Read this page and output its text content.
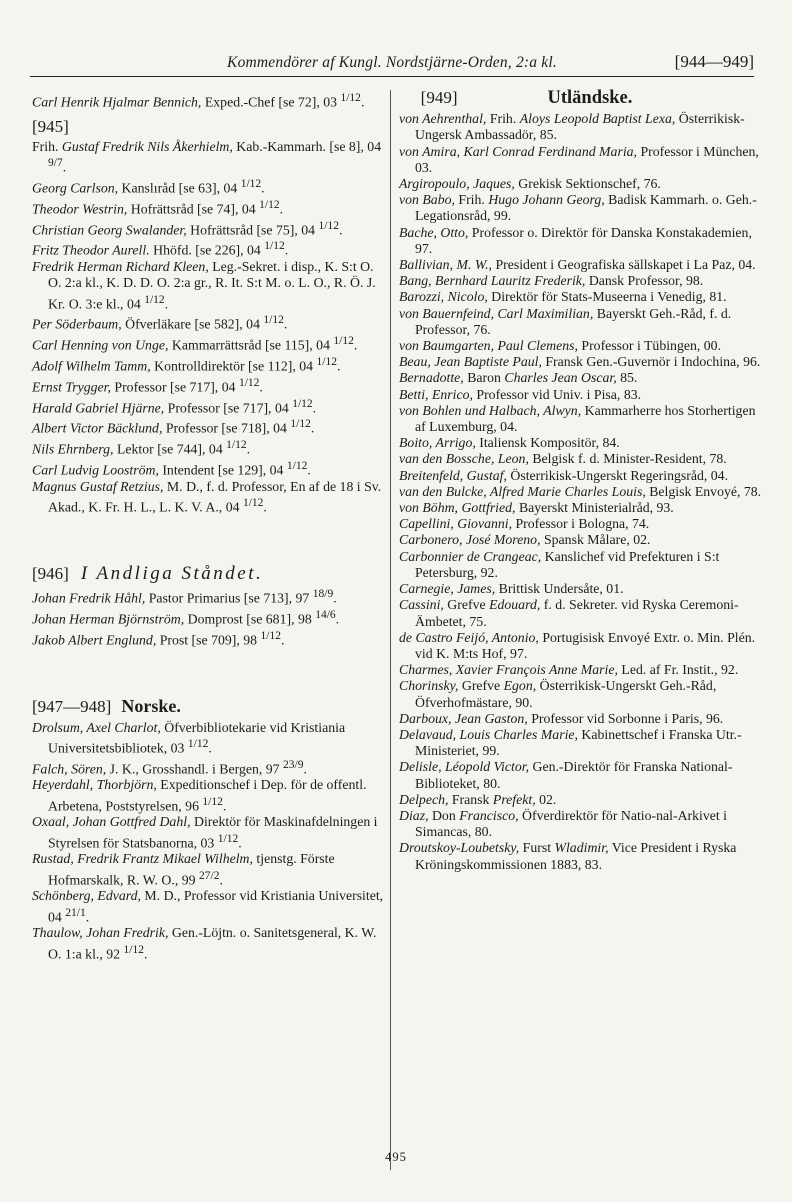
Kommendörer af Kungl. Nordstjärne-Orden, 2:a kl.	[944—949]

Carl Henrik Hjalmar Bennich, Exped.-Chef [se 72], 03 $^{1/12}$.

[945]

Frih. Gustaf Fredrik Nils Åkerhielm, Kab.-Kammarh. [se 8], 04 $^{9/7}$.

Georg Carlson, Kanslıråd [se 63], 04 $^{1/12}$.

Theodor Westrin, Hofrättsråd [se 74], 04 $^{1/12}$.

Christian Georg Swalander, Hofrättsråd [se 75], 04 $^{1/12}$.

Fritz Theodor Aurell. Hhöfd. [se 226], 04 $^{1/12}$.

Fredrik Herman Richard Kleen, Leg.-Sekret. i disp., K. S:t O. O. 2:a kl., K. D. D. O. 2:a gr., R. It. S:t M. o. L. O., R. Ö. J. Kr. O. 3:e kl., 04 $^{1/12}$.

Per Söderbaum, Öfverläkare [se 582], 04 $^{1/12}$.

Carl Henning von Unge, Kammarrättsråd [se 115], 04 $^{1/12}$.

Adolf Wilhelm Tamm, Kontrolldirektör [se 112], 04 $^{1/12}$.

Ernst Trygger, Professor [se 717], 04 $^{1/12}$.

Harald Gabriel Hjärne, Professor [se 717], 04 $^{1/12}$.

Albert Victor Bäcklund, Professor [se 718], 04 $^{1/12}$.

Nils Ehrnberg, Lektor [se 744], 04 $^{1/12}$.

Carl Ludvig Looström, Intendent [se 129], 04 $^{1/12}$.

Magnus Gustaf Retzius, M. D., f. d. Professor, En af de 18 i Sv. Akad., K. Fr. H. L., L. K. V. A., 04 $^{1/12}$.

[946] I Andliga Ståndet.

Johan Fredrik Håhl, Pastor Primarius [se 713], 97 $^{18/9}$.

Johan Herman Björnström, Domprost [se 681], 98 $^{14/6}$.

Jakob Albert Englund, Prost [se 709], 98 $^{1/12}$.

[947—948] Norske.

Drolsum, Axel Charlot, Öfverbibliotekarie vid Kristiania Universitetsbibliotek, 03 $^{1/12}$.

Falch, Sören, J. K., Grosshandl. i Bergen, 97 $^{23/9}$.

Heyerdahl, Thorbjörn, Expeditionschef i Dep. för de offentl. Arbetena, Poststyrelsen, 96 $^{1/12}$.

Oxaal, Johan Gottfred Dahl, Direktör för Maskinafdelningen i Styrelsen för Statsbanorna, 03 $^{1/12}$.

Rustad, Fredrik Frantz Mikael Wilhelm, tjenstg. Förste Hofmarskalk, R. W. O., 99 $^{27/2}$.

Schönberg, Edvard, M. D., Professor vid Kristiania Universitet, 04 $^{21/1}$.

Thaulow, Johan Fredrik, Gen.-Löjtn. o. Sanitetsgeneral, K. W. O. 1:a kl., 92 $^{1/12}$.

[949]	Utländske.

von Aehrenthal, Frih. Aloys Leopold Baptist Lexa, Österrikisk-Ungersk Ambassadör, 85.

von Amira, Karl Conrad Ferdinand Maria, Professor i München, 03.

Argiropoulo, Jaques, Grekisk Sektionschef, 76.

von Babo, Frih. Hugo Johann Georg, Badisk Kammarh. o. Geh.-Legationsråd, 99.

Bache, Otto, Professor o. Direktör för Danska Konstakademien, 97.

Ballivian, M. W., President i Geografiska sällskapet i La Paz, 04.

Bang, Bernhard Lauritz Frederik, Dansk Professor, 98.

Barozzi, Nicolo, Direktör för Stats-Museerna i Venedig, 81.

von Bauernfeind, Carl Maximilian, Bayerskt Geh.-Råd, f. d. Professor, 76.

von Baumgarten, Paul Clemens, Professor i Tübingen, 00.

Beau, Jean Baptiste Paul, Fransk Gen.-Guvernör i Indochina, 96.

Bernadotte, Baron Charles Jean Oscar, 85.

Betti, Enrico, Professor vid Univ. i Pisa, 83.

von Bohlen und Halbach, Alwyn, Kammarherre hos Storhertigen af Luxemburg, 04.

Boito, Arrigo, Italiensk Kompositör, 84.

van den Bossche, Leon, Belgisk f. d. Minister-Resident, 78.

Breitenfeld, Gustaf, Österrikisk-Ungerskt Regeringsråd, 04.

van den Bulcke, Alfred Marie Charles Louis, Belgisk Envoyé, 78.

von Böhm, Gottfried, Bayerskt Ministerialråd, 93.

Capellini, Giovanni, Professor i Bologna, 74.

Carbonero, José Moreno, Spansk Målare, 02.

Carbonnier de Crangeac, Kanslichef vid Prefekturen i S:t Petersburg, 92.

Carnegie, James, Brittisk Undersåte, 01.

Cassini, Grefve Edouard, f. d. Sekreter. vid Ryska Ceremoni-Ämbetet, 75.

de Castro Feijó, Antonio, Portugisisk Envoyé Extr. o. Min. Plén. vid K. M:ts Hof, 97.

Charmes, Xavier François Anne Marie, Led. af Fr. Instit., 92.

Chorinsky, Grefve Egon, Österrikisk-Ungerskt Geh.-Råd, Öfverhofmästare, 90.

Darboux, Jean Gaston, Professor vid Sorbonne i Paris, 96.

Delavaud, Louis Charles Marie, Kabinettschef i Franska Utr.-Ministeriet, 99.

Delisle, Léopold Victor, Gen.-Direktör för Franska National-Biblioteket, 80.

Delpech, Fransk Prefekt, 02.

Diaz, Don Francisco, Öfverdirektör för Natio-nal-Arkivet i Simancas, 80.

Droutskoy-Loubetsky, Furst Wladimir, Vice President i Ryska Kröningskommissionen 1883, 83.

495
